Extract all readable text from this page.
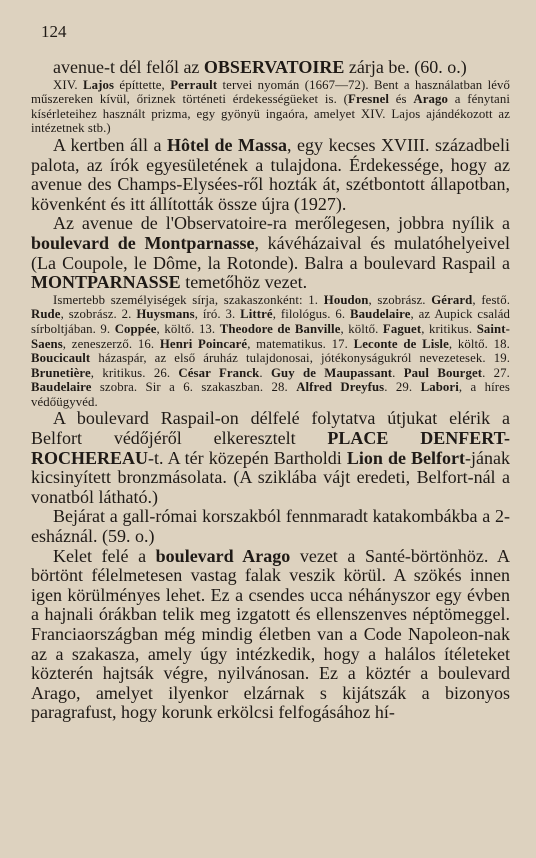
124

avenue-t dél felől az OBSERVATOIRE zárja be. (60. o.)

XIV. Lajos építtette, Perrault tervei nyomán (1667—72). Bent a használatban lévő műszereken kívül, őriznek történeti érdekességüeket is. (Fresnel és Arago a fénytani kísérleteihez használt prizma, egy gyönyü ingaóra, amelyet XIV. Lajos ajándékozott az intézetnek stb.)

A kertben áll a Hôtel de Massa, egy kecses XVIII. századbeli palota, az írók egyesületének a tulajdona. Érdekessége, hogy az avenue des Champs-Elysées-ről hozták át, szétbontott állapotban, kövenként és itt állították össze újra (1927).

Az avenue de l'Observatoire-ra merőlegesen, jobbra nyílik a boulevard de Montparnasse, kávéházaival és mulatóhelyeivel (La Coupole, le Dôme, la Rotonde). Balra a boulevard Raspail a MONTPARNASSE temetőhöz vezet.

Ismertebb személyiségek sírja, szakaszonként: 1. Houdon, szobrász. Gérard, festő. Rude, szobrász. 2. Huysmans, író. 3. Littré, filológus. 6. Baudelaire, az Aupick család sírboltjában. 9. Coppée, költő. 13. Theodore de Banville, költő. Faguet, kritikus. Saint-Saens, zeneszerző. 16. Henri Poincaré, matematikus. 17. Leconte de Lisle, költő. 18. Boucicault házaspár, az első áruház tulajdonosai, jótékonyságukról nevezetesek. 19. Brunetière, kritikus. 26. César Franck. Guy de Maupassant. Paul Bourget. 27. Baudelaire szobra. Sir a 6. szakaszban. 28. Alfred Dreyfus. 29. Labori, a híres védőügyvéd.

A boulevard Raspail-on délfelé folytatva útjukat elérik a Belfort védőjéről elkeresztelt PLACE DENFERT-ROCHEREAU-t. A tér közepén Bartholdi Lion de Belfort-jának kicsinyített bronzmásolata. (A sziklába vájt eredeti, Belfort-nál a vonatból látható.)

Bejárat a gall-római korszakból fennmaradt katakombákba a 2-esháznál. (59. o.)

Kelet felé a boulevard Arago vezet a Santé-börtönhöz. A börtönt félelmetesen vastag falak veszik körül. A szökés innen igen körülményes lehet. Ez a csendes ucca néhányszor egy évben a hajnali órákban telik meg izgatott és ellenszenves néptömeggel. Franciaországban még mindig életben van a Code Napoleon-nak az a szakasza, amely úgy intézkedik, hogy a halálos ítéleteket közterén hajtsák végre, nyilvánosan. Ez a köztér a boulevard Arago, amelyet ilyenkor elzárnak s kijátszák a bizonyos paragrafust, hogy korunk erkölcsi felfogásához hí-
